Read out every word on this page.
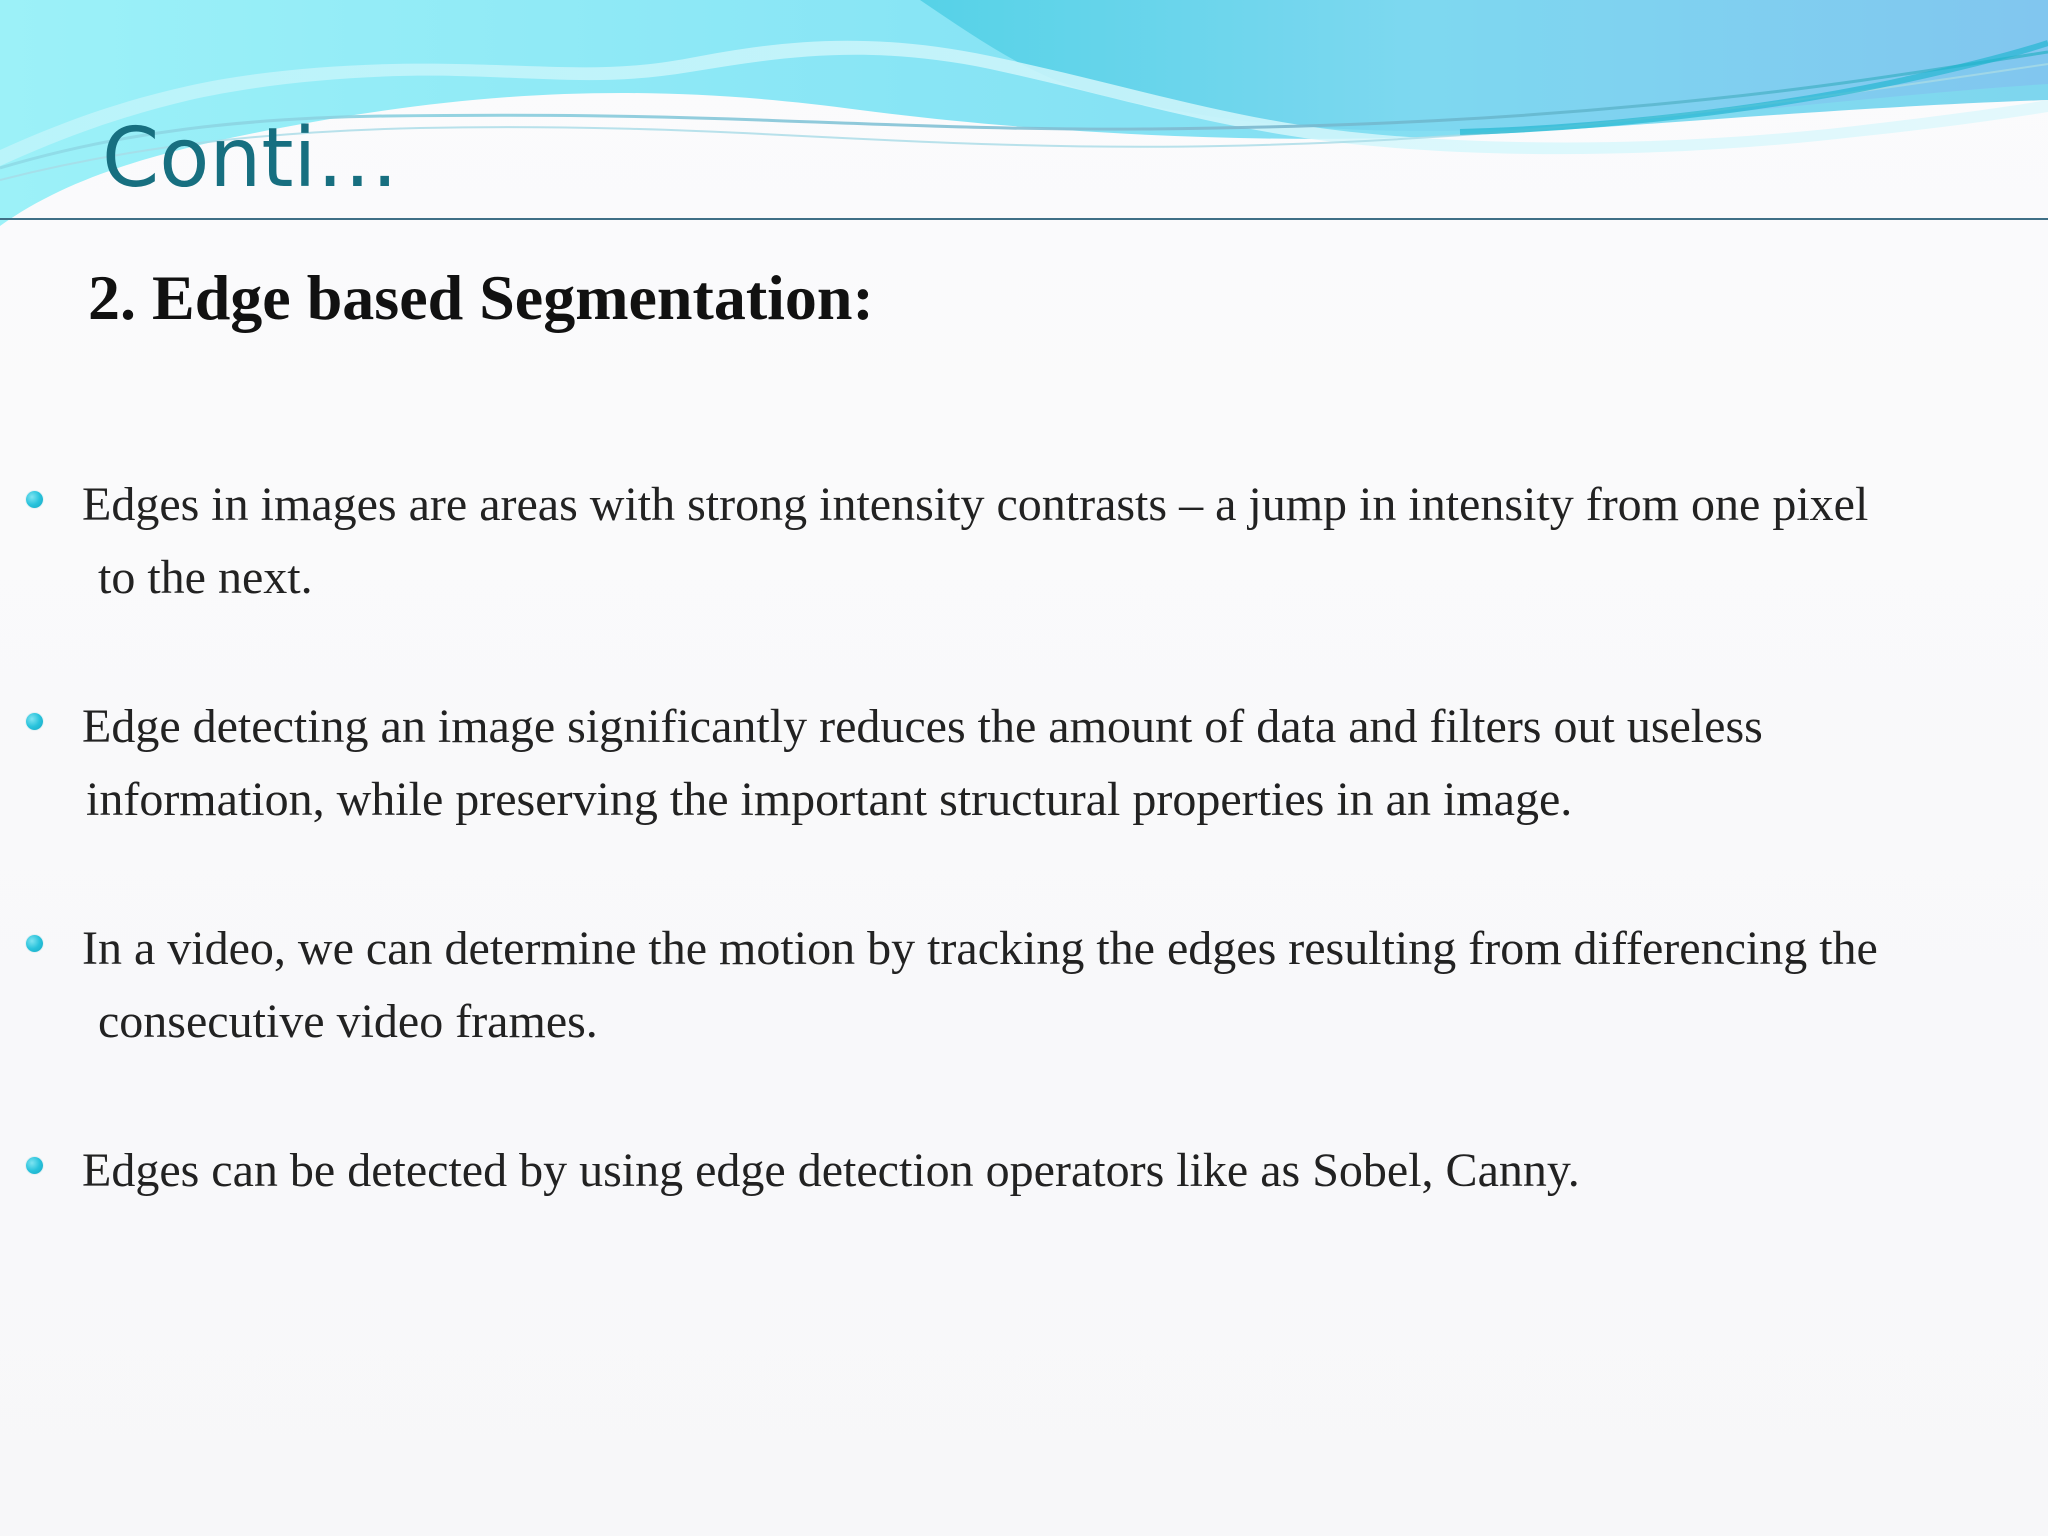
Conti…
2. Edge based Segmentation:

Edges in images are areas with strong intensity contrasts – a jump in intensity from one pixel

to the next.

Edge detecting an image significantly reduces the amount of data and filters out useless

information, while preserving the important structural properties in an image.

In a video, we can determine the motion by tracking the edges resulting from differencing the

consecutive video frames.

Edges can be detected by using edge detection operators like as Sobel, Canny.
